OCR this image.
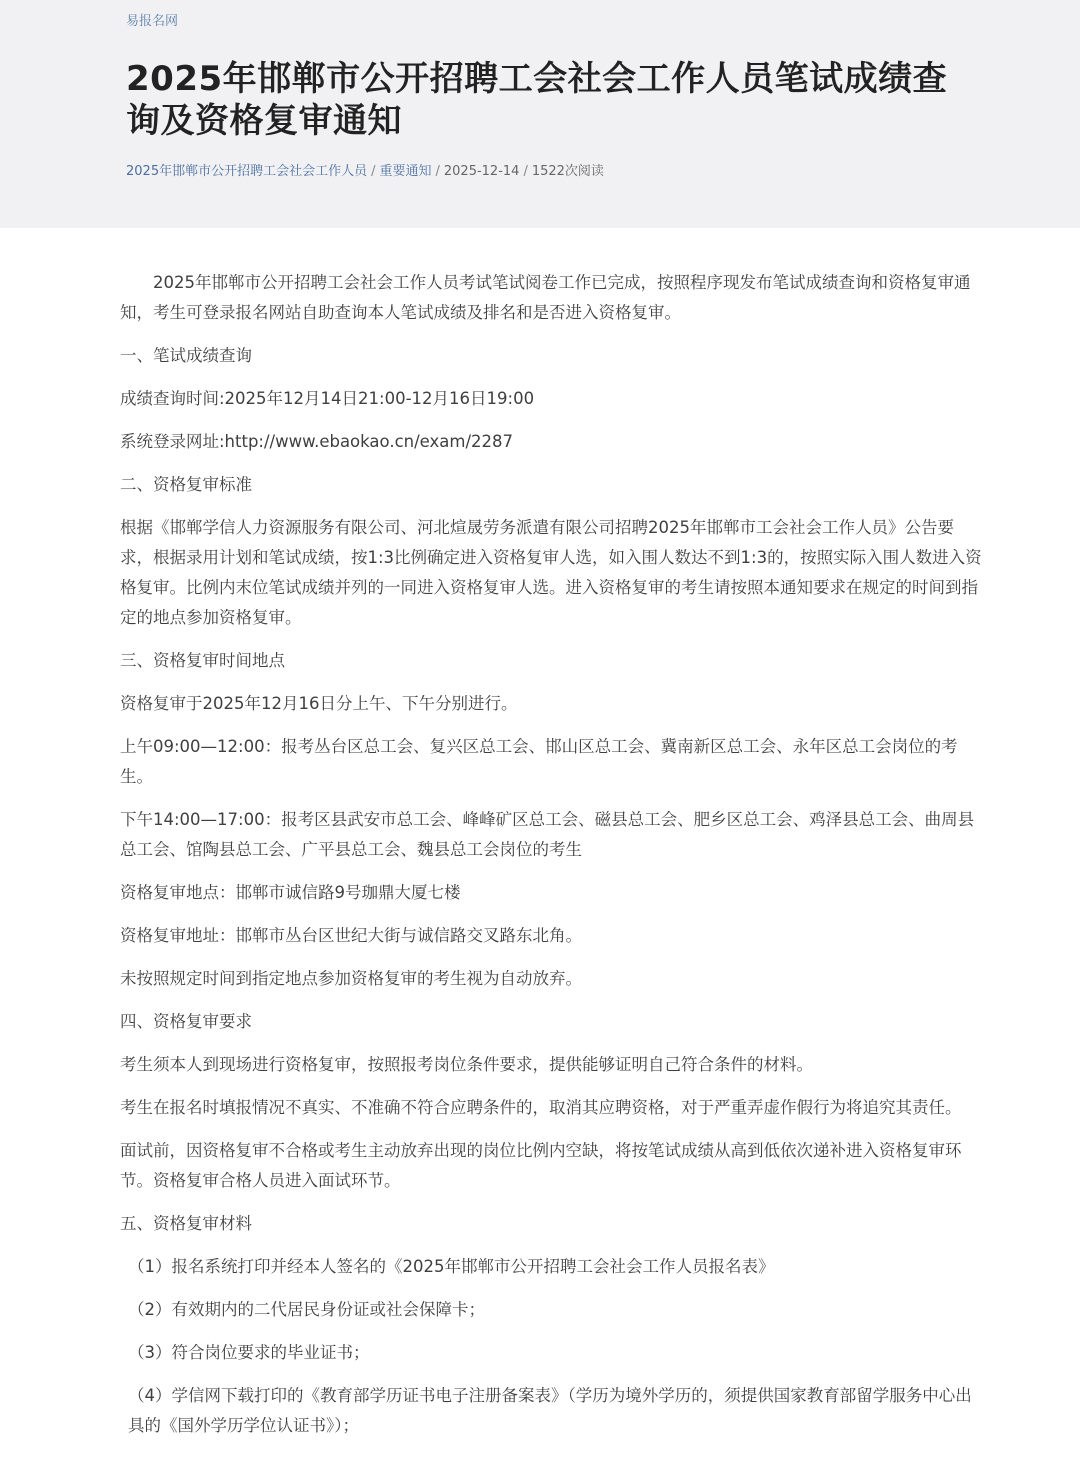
易报名网
2025年邯郸市公开招聘工会社会工作人员笔试成绩查询及资格复审通知
2025年邯郸市公开招聘工会社会工作人员 / 重要通知 / 2025-12-14 / 1522次阅读

2025年邯郸市公开招聘工会社会工作人员考试笔试阅卷工作已完成，按照程序现发布笔试成绩查询和资格复审通知，考生可登录报名网站自助查询本人笔试成绩及排名和是否进入资格复审。

一、笔试成绩查询

成绩查询时间:2025年12月14日21:00-12月16日19:00

系统登录网址:http://www.ebaokao.cn/exam/2287

二、资格复审标准

根据《邯郸学信人力资源服务有限公司、河北煊晟劳务派遣有限公司招聘2025年邯郸市工会社会工作人员》公告要求，根据录用计划和笔试成绩，按1:3比例确定进入资格复审人选，如入围人数达不到1:3的，按照实际入围人数进入资格复审。比例内末位笔试成绩并列的一同进入资格复审人选。进入资格复审的考生请按照本通知要求在规定的时间到指定的地点参加资格复审。

三、资格复审时间地点

资格复审于2025年12月16日分上午、下午分别进行。

上午09:00—12:00：报考丛台区总工会、复兴区总工会、邯山区总工会、冀南新区总工会、永年区总工会岗位的考生。

下午14:00—17:00：报考区县武安市总工会、峰峰矿区总工会、磁县总工会、肥乡区总工会、鸡泽县总工会、曲周县总工会、馆陶县总工会、广平县总工会、魏县总工会岗位的考生

资格复审地点：邯郸市诚信路9号珈鼎大厦七楼

资格复审地址：邯郸市丛台区世纪大街与诚信路交叉路东北角。

未按照规定时间到指定地点参加资格复审的考生视为自动放弃。

四、资格复审要求

考生须本人到现场进行资格复审，按照报考岗位条件要求，提供能够证明自己符合条件的材料。

考生在报名时填报情况不真实、不准确不符合应聘条件的，取消其应聘资格，对于严重弄虚作假行为将追究其责任。

面试前，因资格复审不合格或考生主动放弃出现的岗位比例内空缺，将按笔试成绩从高到低依次递补进入资格复审环节。资格复审合格人员进入面试环节。

五、资格复审材料

（1）报名系统打印并经本人签名的《2025年邯郸市公开招聘工会社会工作人员报名表》

（2）有效期内的二代居民身份证或社会保障卡；

（3）符合岗位要求的毕业证书；

（4）学信网下载打印的《教育部学历证书电子注册备案表》（学历为境外学历的，须提供国家教育部留学服务中心出具的《国外学历学位认证书》）；
